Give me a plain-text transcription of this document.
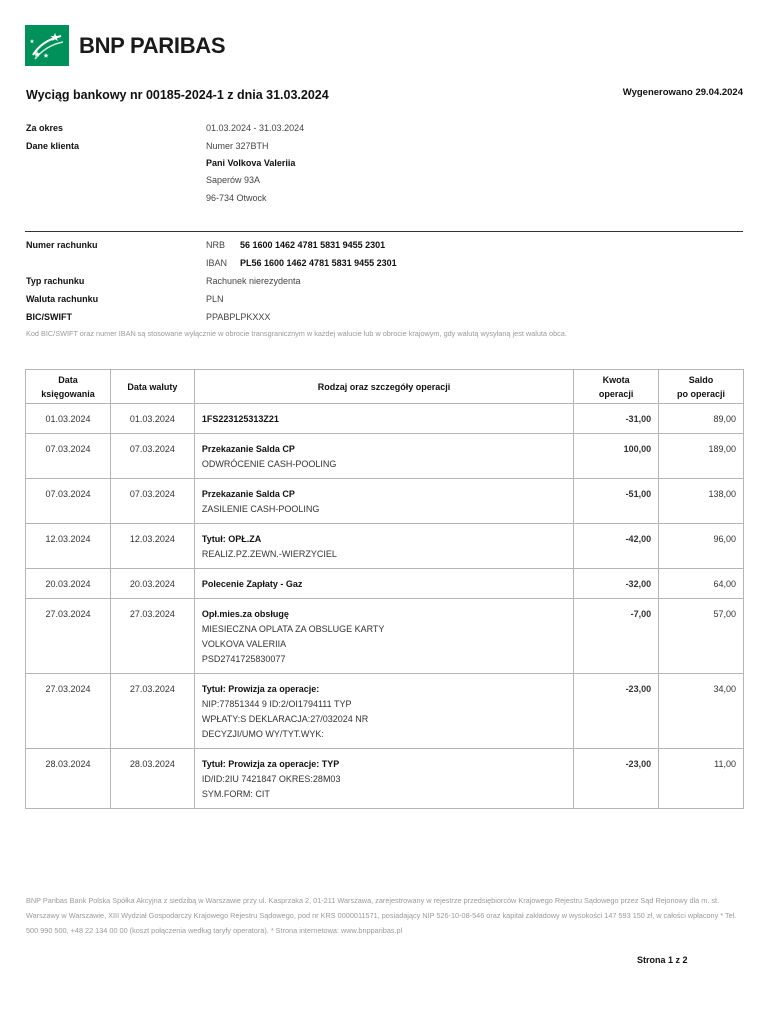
BNP PARIBAS
Wyciąg bankowy nr 00185-2024-1 z dnia 31.03.2024	Wygenerowano 29.04.2024
Za okres	01.03.2024 - 31.03.2024
Dane klienta	Numer 327BTH
Pani Volkova Valeriia
Saperów 93A
96-734 Otwock
Numer rachunku	NRB 56 1600 1462 4781 5831 9455 2301
IBAN PL56 1600 1462 4781 5831 9455 2301
Typ rachunku	Rachunek nierezydenta
Waluta rachunku	PLN
BIC/SWIFT	PPABPLPKXXX
Kod BIC/SWIFT oraz numer IBAN są stosowane wyłącznie w obrocie transgranicznym w każdej walucie lub w obrocie krajowym, gdy walutą wysyłaną jest waluta obca.
Data
księgowania	Data waluty	Rodzaj oraz szczegóły operacji	Kwota
operacji	Saldo
po operacji
01.03.2024	01.03.2024	1FS223125313Z21	-31,00	89,00
07.03.2024	07.03.2024	Przekazanie Salda CP
ODWRÓCENIE CASH-POOLING	100,00	189,00
07.03.2024	07.03.2024	Przekazanie Salda CP
ZASILENIE CASH-POOLING	-51,00	138,00
12.03.2024	12.03.2024	Tytuł: OPŁ.ZA
REALIZ.PZ.ZEWN.-WIERZYCIEL	-42,00	96,00
20.03.2024	20.03.2024	Polecenie Zapłaty - Gaz	-32,00	64,00
27.03.2024	27.03.2024	Opł.mies.za obsługę
MIESIECZNA OPLATA ZA OBSLUGE KARTY
VOLKOVA VALERIIA
PSD2741725830077	-7,00	57,00
27.03.2024	27.03.2024	Tytuł: Prowizja za operacje:
NIP:77851344 9 ID:2/OI1794111 TYP
WPŁATY:S DEKLARACJA:27/032024 NR
DECYZJI/UMO WY/TYT.WYK:	-23,00	34,00
28.03.2024	28.03.2024	Tytuł: Prowizja za operacje: TYP
ID/ID:2IU 7421847 OKRES:28M03
SYM.FORM: CIT	-23,00	11,00
BNP Paribas Bank Polska Spółka Akcyjna z siedzibą w Warszawie przy ul. Kasprzaka 2, 01-211 Warszawa, zarejestrowany w rejestrze przedsiębiorców Krajowego Rejestru Sądowego przez Sąd Rejonowy dla m. st. Warszawy w Warszawie, XIII Wydział Gospodarczy Krajowego Rejestru Sądowego, pod nr KRS 0000011571, posiadający NIP 526-10-08-546 oraz kapitał zakładowy w wysokości 147 593 150 zł, w całości wpłacony * Tel. 500 990 500, +48 22 134 00 00 (koszt połączenia według taryfy operatora). * Strona internetowa: www.bnpparibas.pl
Strona 1 z 2
